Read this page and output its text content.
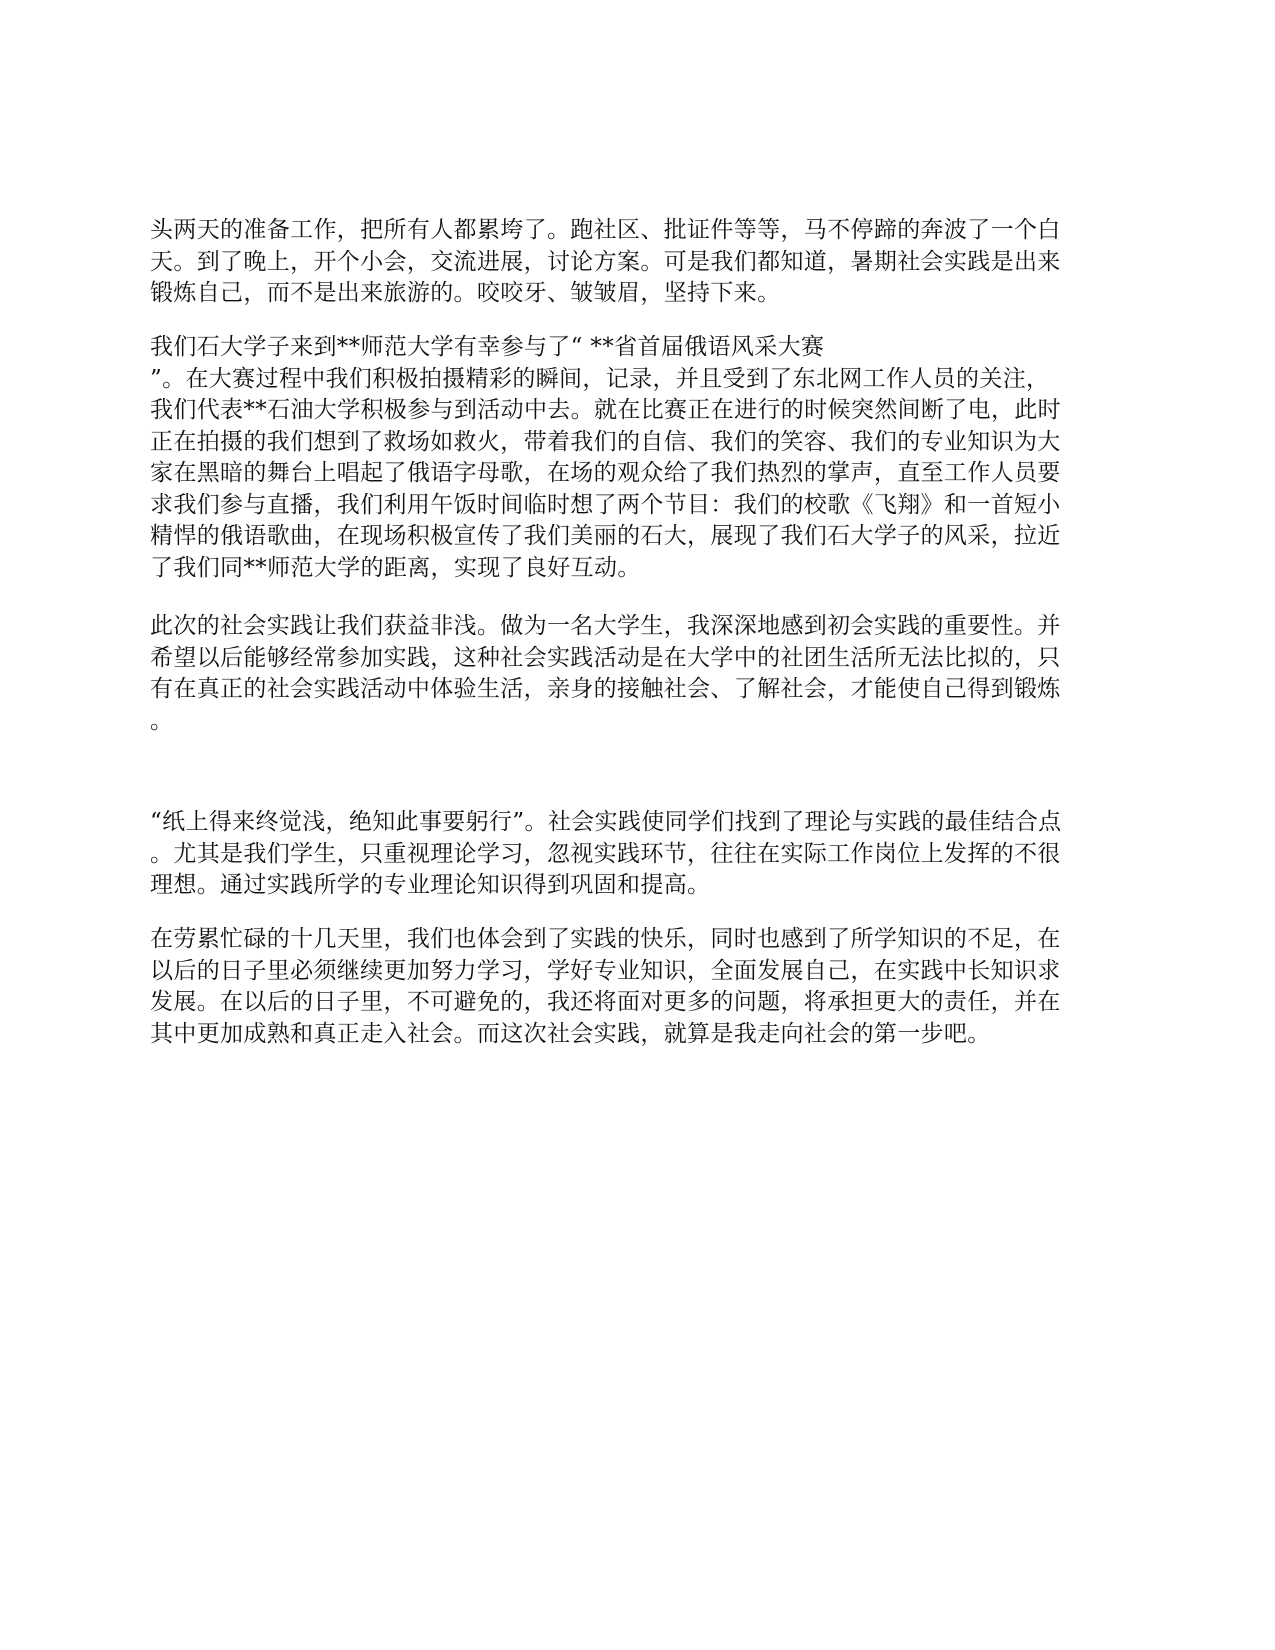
头两天的准备工作，把所有人都累垮了。跑社区、批证件等等，马不停蹄的奔波了一个白
天。到了晚上，开个小会，交流进展，讨论方案。可是我们都知道，暑期社会实践是出来
锻炼自己，而不是出来旅游的。咬咬牙、皱皱眉，坚持下来。
我们石大学子来到**师范大学有幸参与了“ **省首届俄语风采大赛
”。在大赛过程中我们积极拍摄精彩的瞬间，记录，并且受到了东北网工作人员的关注，
我们代表**石油大学积极参与到活动中去。就在比赛正在进行的时候突然间断了电，此时
正在拍摄的我们想到了救场如救火，带着我们的自信、我们的笑容、我们的专业知识为大
家在黑暗的舞台上唱起了俄语字母歌，在场的观众给了我们热烈的掌声，直至工作人员要
求我们参与直播，我们利用午饭时间临时想了两个节目：我们的校歌《飞翔》和一首短小
精悍的俄语歌曲，在现场积极宣传了我们美丽的石大，展现了我们石大学子的风采，拉近
了我们同**师范大学的距离，实现了良好互动。
此次的社会实践让我们获益非浅。做为一名大学生，我深深地感到初会实践的重要性。并
希望以后能够经常参加实践，这种社会实践活动是在大学中的社团生活所无法比拟的，只
有在真正的社会实践活动中体验生活，亲身的接触社会、了解社会，才能使自己得到锻炼
。
“纸上得来终觉浅，绝知此事要躬行”。社会实践使同学们找到了理论与实践的最佳结合点
。尤其是我们学生，只重视理论学习，忽视实践环节，往往在实际工作岗位上发挥的不很
理想。通过实践所学的专业理论知识得到巩固和提高。
在劳累忙碌的十几天里，我们也体会到了实践的快乐，同时也感到了所学知识的不足，在
以后的日子里必须继续更加努力学习，学好专业知识，全面发展自己，在实践中长知识求
发展。在以后的日子里，不可避免的，我还将面对更多的问题，将承担更大的责任，并在
其中更加成熟和真正走入社会。而这次社会实践，就算是我走向社会的第一步吧。
